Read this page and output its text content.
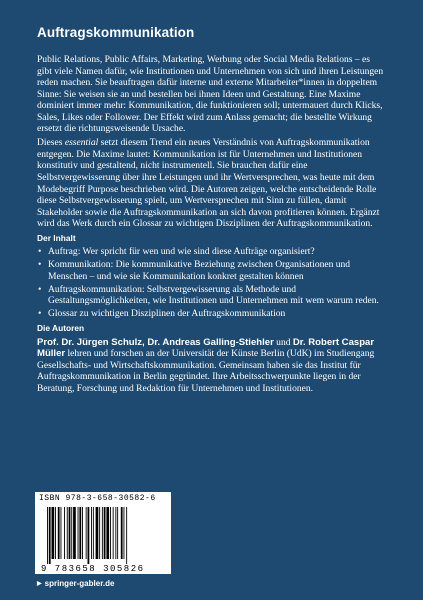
Auftragskommunikation

Public Relations, Public Affairs, Marketing, Werbung oder Social Media Relations – es gibt viele Namen dafür, wie Institutionen und Unternehmen von sich und ihren Leistungen reden machen. Sie beauftragen dafür interne und externe Mitarbeiter*innen in doppeltem Sinne: Sie weisen sie an und bestellen bei ihnen Ideen und Gestaltung. Eine Maxime dominiert immer mehr: Kommunikation, die funktionieren soll; untermauert durch Klicks, Sales, Likes oder Follower. Der Effekt wird zum Anlass gemacht; die bestellte Wirkung ersetzt die richtungsweisende Ursache.

Dieses essential setzt diesem Trend ein neues Verständnis von Auftragskommunikation entgegen. Die Maxime lautet: Kommunikation ist für Unternehmen und Institutionen konstitutiv und gestaltend, nicht instrumentell. Sie brauchen dafür eine Selbstvergewisserung über ihre Leistungen und ihr Wertversprechen, was heute mit dem Modebegriff Purpose beschrieben wird. Die Autoren zeigen, welche entscheidende Rolle diese Selbstvergewisserung spielt, um Wertversprechen mit Sinn zu füllen, damit Stakeholder sowie die Auftragskommunikation an sich davon profitieren können. Ergänzt wird das Werk durch ein Glossar zu wichtigen Disziplinen der Auftragskommunikation.

Der Inhalt
• Auftrag: Wer spricht für wen und wie sind diese Aufträge organisiert?
• Kommunikation: Die kommunikative Beziehung zwischen Organisationen und Menschen – und wie sie Kommunikation konkret gestalten können
• Auftragskommunikation: Selbstvergewisserung als Methode und Gestaltungsmöglichkeiten, wie Institutionen und Unternehmen mit wem warum reden.
• Glossar zu wichtigen Disziplinen der Auftragskommunikation
Die Autoren

Prof. Dr. Jürgen Schulz, Dr. Andreas Galling-Stiehler und Dr. Robert Caspar Müller lehren und forschen an der Universität der Künste Berlin (UdK) im Studiengang Gesellschafts- und Wirtschaftskommunikation. Gemeinsam haben sie das Institut für Auftragskommunikation in Berlin gegründet. Ihre Arbeitsschwerpunkte liegen in der Beratung, Forschung und Redaktion für Unternehmen und Institutionen.

ISBN 978-3-658-30582-6
9 783658 305826
▶ springer-gabler.de
